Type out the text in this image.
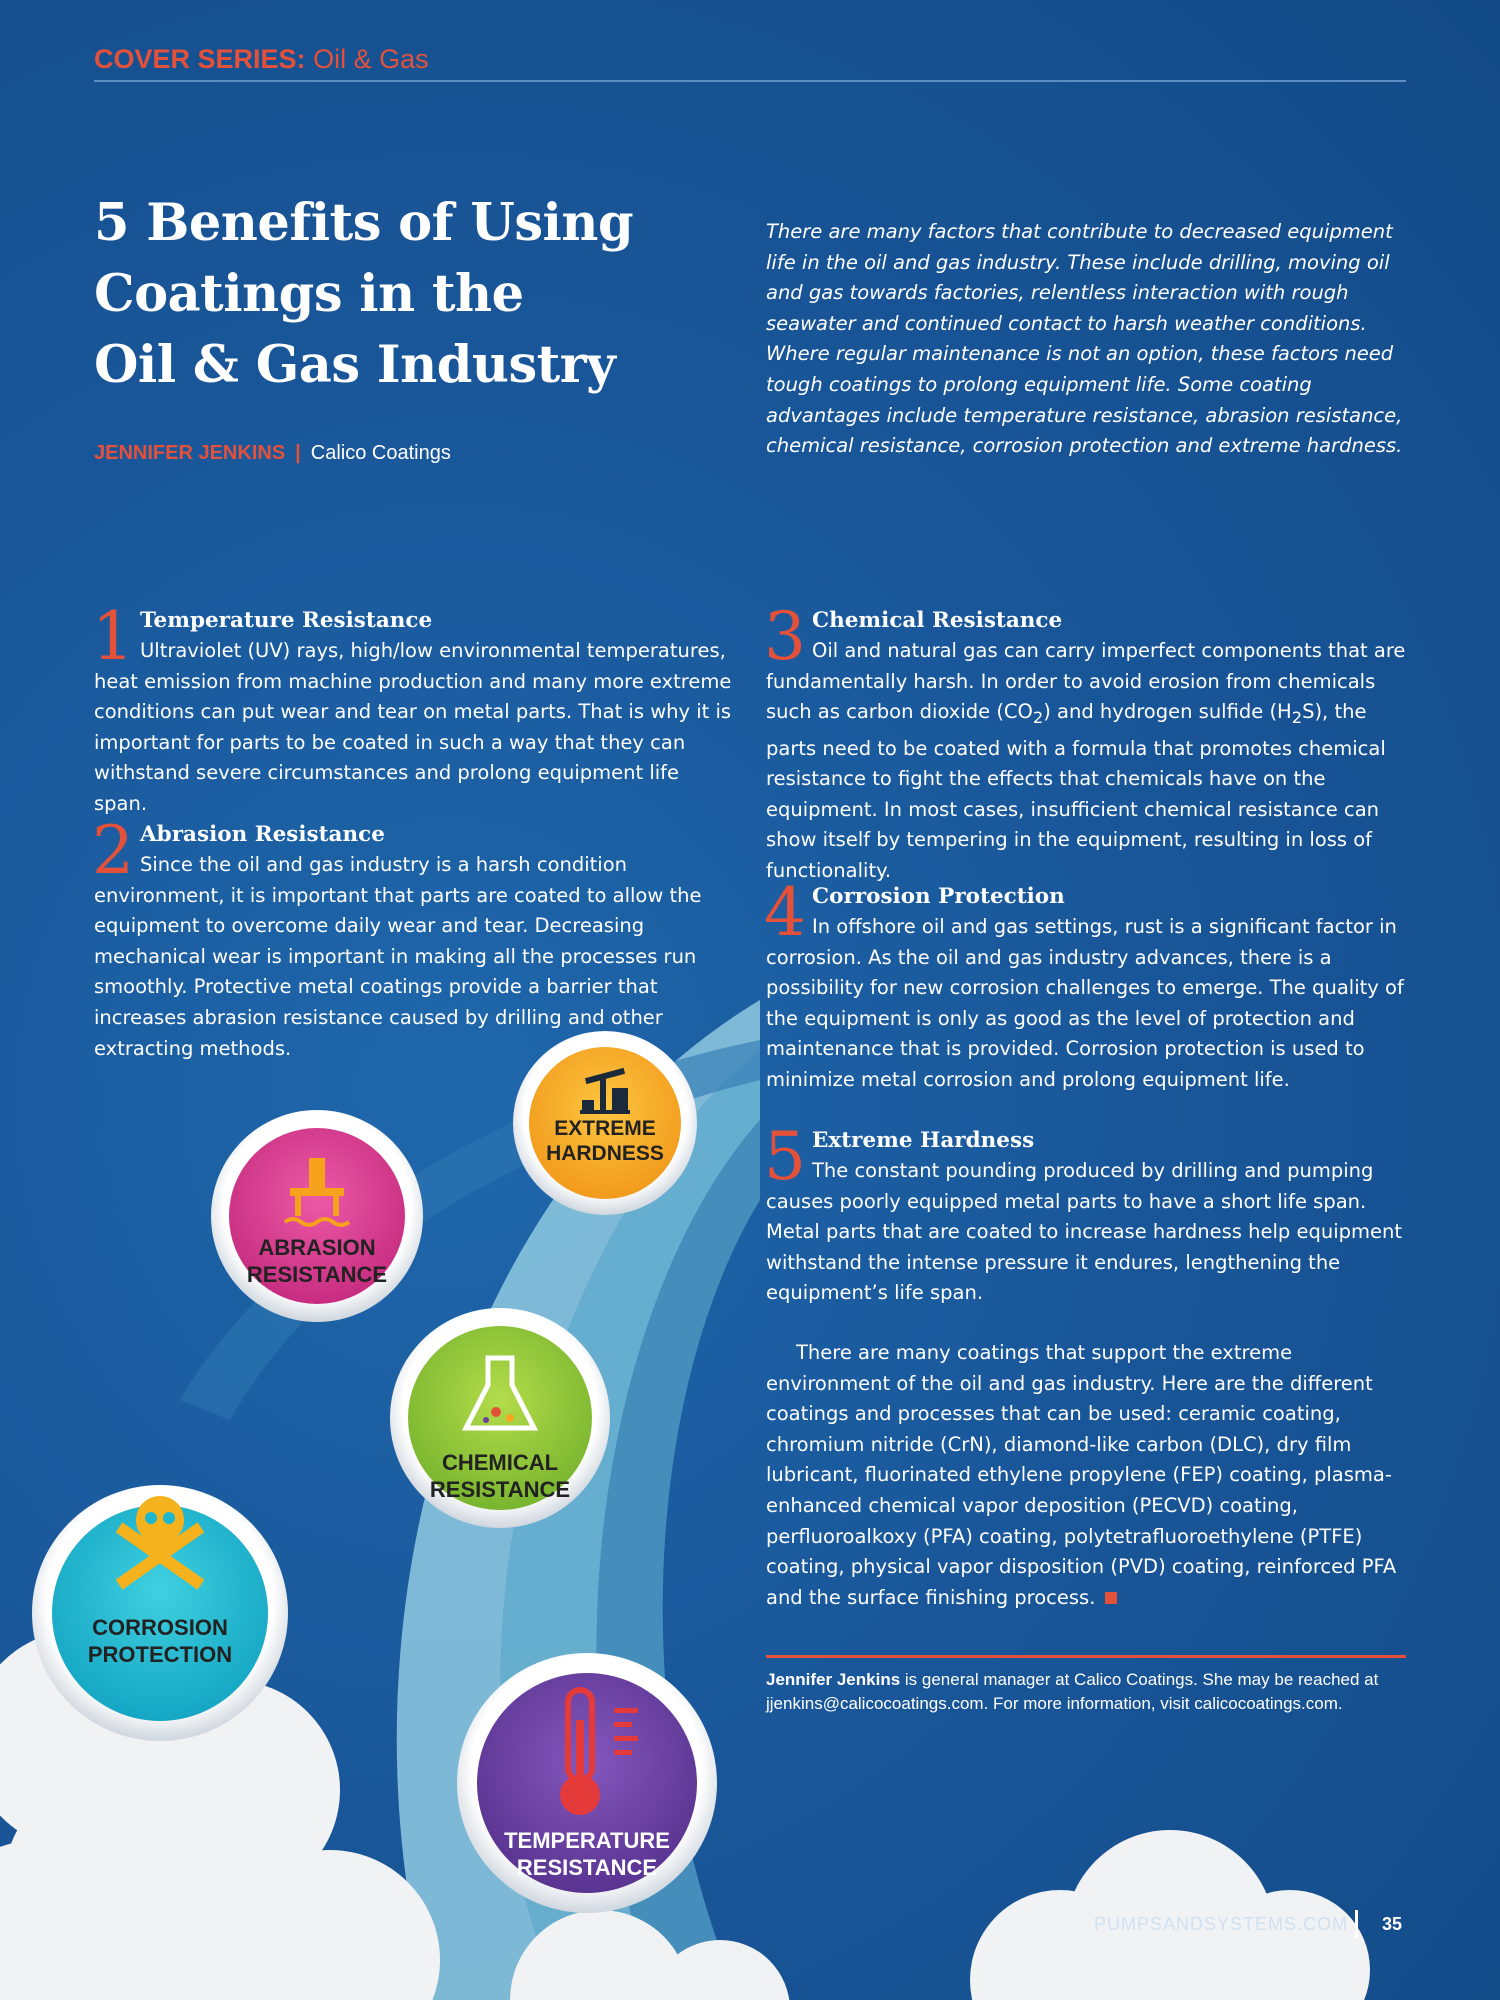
EXTREME
HARDNESS
ABRASION
RESISTANCE
CHEMICAL
RESISTANCE
CORROSION
PROTECTION
TEMPERATURE
RESISTANCE
COVER SERIES: Oil & Gas
5 Benefits of Using
Coatings in the
Oil & Gas Industry
JENNIFER JENKINS | Calico Coatings
There are many factors that contribute to decreased equipment life in the oil and gas industry. These include drilling, moving oil and gas towards factories, relentless interaction with rough seawater and continued contact to harsh weather conditions. Where regular maintenance is not an option, these factors need tough coatings to prolong equipment life. Some coating advantages include temperature resistance, abrasion resistance, chemical resistance, corrosion protection and extreme hardness.
1 Temperature Resistance
Ultraviolet (UV) rays, high/low environmental temperatures, heat emission from machine production and many more extreme conditions can put wear and tear on metal parts. That is why it is important for parts to be coated in such a way that they can withstand severe circumstances and prolong equipment life span.
2 Abrasion Resistance
Since the oil and gas industry is a harsh condition environment, it is important that parts are coated to allow the equipment to overcome daily wear and tear. Decreasing mechanical wear is important in making all the processes run smoothly. Protective metal coatings provide a barrier that increases abrasion resistance caused by drilling and other extracting methods.
3 Chemical Resistance
Oil and natural gas can carry imperfect components that are fundamentally harsh. In order to avoid erosion from chemicals such as carbon dioxide $(CO_2)$ and hydrogen sulfide $(H_2S)$, the parts need to be coated with a formula that promotes chemical resistance to fight the effects that chemicals have on the equipment. In most cases, insufficient chemical resistance can show itself by tempering in the equipment, resulting in loss of functionality.
4 Corrosion Protection
In offshore oil and gas settings, rust is a significant factor in corrosion. As the oil and gas industry advances, there is a possibility for new corrosion challenges to emerge. The quality of the equipment is only as good as the level of protection and maintenance that is provided. Corrosion protection is used to minimize metal corrosion and prolong equipment life.
5 Extreme Hardness
The constant pounding produced by drilling and pumping causes poorly equipped metal parts to have a short life span. Metal parts that are coated to increase hardness help equipment withstand the intense pressure it endures, lengthening the equipment’s life span.
There are many coatings that support the extreme environment of the oil and gas industry. Here are the different coatings and processes that can be used: ceramic coating, chromium nitride (CrN), diamond-like carbon (DLC), dry film lubricant, fluorinated ethylene propylene (FEP) coating, plasma-enhanced chemical vapor deposition (PECVD) coating, perfluoroalkoxy (PFA) coating, polytetrafluoroethylene (PTFE) coating, physical vapor disposition (PVD) coating, reinforced PFA and the surface finishing process.
Jennifer Jenkins is general manager at Calico Coatings. She may be reached at jjenkins@calicocoatings.com. For more information, visit calicocoatings.com.
PUMPSANDSYSTEMS.COM 35
